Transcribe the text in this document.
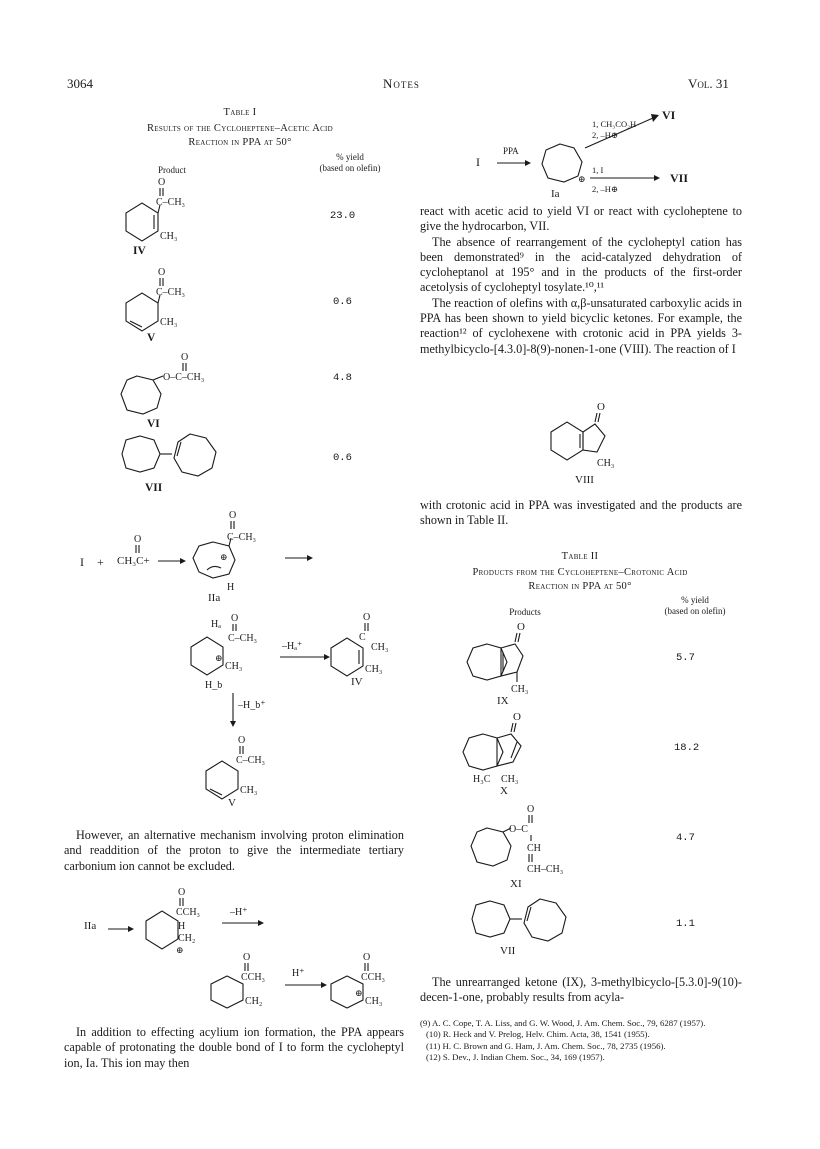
3064	Notes	Vol. 31
Table I
Results of the Cycloheptene–Acetic Acid
Reaction in PPA at 50°
Product
% yield
(based on olefin)
O
C–CH₃
CH₃
IV
23.0
O
C–CH₃
CH₃
V
0.6
O
O–C–CH₃
VI
4.8
VII
0.6
I + CH₃C+
O
O
C–CH₃
⊕
H
IIa
Hₐ
O
C–CH₃
⊕
CH₃
H_b
–Hₐ⁺
O
C
CH₃
CH₃
IV
–H_b⁺
O
C–CH₃
CH₃
V

However, an alternative mechanism involving proton elimination and readdition of the proton to give the intermediate tertiary carbonium ion cannot be excluded.

IIa
O
CCH₃
H
CH₂
⊕
–H⁺
O
CCH₃
CH₂
H⁺
O
CCH₃
⊕
CH₃

In addition to effecting acylium ion formation, the PPA appears capable of protonating the double bond of I to form the cycloheptyl ion, Ia. This ion may then

I
PPA
⊕
Ia
1, CH₃CO₂H
2, –H⊕
VI
1, I
2, –H⊕
VII

react with acetic acid to yield VI or react with cycloheptene to give the hydrocarbon, VII.

The absence of rearrangement of the cycloheptyl cation has been demonstrated⁹ in the acid-catalyzed dehydration of cycloheptanol at 195° and in the products of the first-order acetolysis of cycloheptyl tosylate.¹⁰,¹¹

The reaction of olefins with α,β-unsaturated carboxylic acids in PPA has been shown to yield bicyclic ketones. For example, the reaction¹² of cyclohexene with crotonic acid in PPA yields 3-methylbicyclo-[4.3.0]-8(9)-nonen-1-one (VIII). The reaction of I

O
CH₃
VIII

with crotonic acid in PPA was investigated and the products are shown in Table II.

Table II
Products from the Cycloheptene–Crotonic Acid
Reaction in PPA at 50°
Products
% yield
(based on olefin)
O
CH₃
IX
5.7
O
H₃C CH₃
X
18.2
O
O–C
CH
CH–CH₃
XI
4.7
VII
1.1

The unrearranged ketone (IX), 3-methylbicyclo-[5.3.0]-9(10)-decen-1-one, probably results from acyla-

(9) A. C. Cope, T. A. Liss, and G. W. Wood, J. Am. Chem. Soc., 79, 6287 (1957).
(10) R. Heck and V. Prelog, Helv. Chim. Acta, 38, 1541 (1955).
(11) H. C. Brown and G. Ham, J. Am. Chem. Soc., 78, 2735 (1956).
(12) S. Dev., J. Indian Chem. Soc., 34, 169 (1957).
